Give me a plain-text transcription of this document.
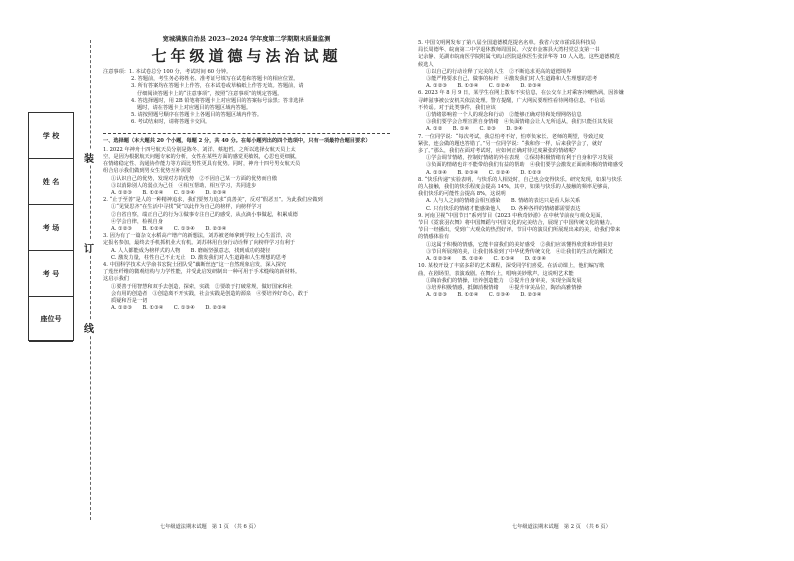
学 校
姓 名
考 场
考 号
座位号
装
订
线
宽城满族自治县 2023--2024 学年度第二学期期末质量监测
七年级道德与法治试题
注意事项：1. 本试卷总分 100 分，考试时间 60 分钟。
2. 答题前，考生务必将姓名、准考证号填写在试卷和答题卡的相应位置。
3. 所有答案均在答题卡上作答，在本试卷或草稿纸上作答无效。答题前，请
仔细阅读答题卡上的“注意事项”，按照“注意事项”的规定答题。
4. 答选择题时，用 2B 铅笔将答题卡上对应题目的答案标号涂黑；答非选择
题时，请在答题卡上对应题目的答题区域内答题。
5. 请按照题号顺序在答题卡上各题目的答题区域内作答。
6. 考试结束时，请将答题卡交回。
一、选择题（本大题共 20 个小题，每题 2 分，共 40 分。在每小题列出的四个选项中，只有一项最符合题目要求）
1. 2022 年神舟十四号航天员分别是陈冬、刘洋、蔡旭哲。之所以选择女航天员上太
空，是因为根据航天问题专家的分析，女性在某些方面的感觉更敏锐，心思也更细腻，
在情绪稳定性、沟通协作能力等方面比男性更具有优势。同时，神舟十四号男女航天员
组合启示我们做到男女生优势互补需要
①认识自己的优势，发现对方的优势　②不因自己某一方面的优势而自傲
③以消除别人的弱点为己任　④相互帮助，相互学习，共同进步
A. ①②③　　B. ①②④　　C. ①③④　　D. ②③④
2. “止于至善”是人的一种精神追求，我们要努力追求“真善美”，反对“假恶丑”。为此我们应做到
①“见贤思齐”在生活中寻找“贤”以此作为自己的榜样，向榜样学习
②自省自察，端正自己的行为③做事专注自己的感受，从点滴小事做起，积累成德
④学会自律，检视自身
A. ①②③　　B. ①②④　　C. ①③④　　D. ②③④
3. 因为有了一篇杂文水稻高产增产的新想法，刘苏被老师拿到学校上心生雷洋，决
定报名参加，最终去手机抓机业大有机。刘苏林用自身行动诠释了向榜样学习有利于
A. 人人都能成为榜样式的人物　　B. 磨砺坚强意志，找到成功的捷径
C. 激发力量，柱性自己不止无止　D. 激发我们对人生道路和人生理想的思考
4. 中国科学技术大学俞书宏院士团队受“藕断丝连”这一自然现象启发，深入探究
了莲丝纤维的微观结构与力学性能，并受此启发研制出一种可用于手术缝线的新材料。
这启示我们
①要善于用智慧和双手去创造，探索，实践　②要敢于打破常规，做好国家和社
会有用的创造者　③创造离不开实践，社会实践是创造的源泉　④要培养好奇心，敢于
质疑和吾是一切
A. ①②③　　B. ①③④　　C. ①③④　　D. ②③④
七年级道法期末试题　第 1 页　（共 6 页）
5. 中国文明网发布了第八届全国道德模范提名名单。我省六安市霍邱县科技局
局长周德华、皖南第二中学退休教师周国民、六安市金寨县大湾村党总支第一书
记余静、芜湖市皖南医学院附属弋矶山医院退休医生张泽华等 10 人入选。这些道德模范
候选人
①以自己的行动诠释了完美的人生　②不断追求更高的道德境界
③能严格要求自己，做事的标杆　④激发我们对人生道路和人生理想的思考
A. ①②③　　B. ①③④　　C. ①②④　　D. ②③④
6. 2023 年 8 月 9 日，某学生在网上散布不实信息，在公交车上对乘客冷嘲热讽，因涉嫌
寻衅滋事被公安机关依法处理。警方提醒，广大网民要理性看待网络信息，不信谣
不传谣。对于此类事件，我们应该
①情绪影响着一个人的观念和行动　②能够正确对待和处理网络信息
③我们要学会合理宣泄自身情绪　④负面情绪会让人无所适从，我们只能任其发展
A. ①②　　B. ①④　　C. ②③　　D. ③④
7. 一位同学说：“每次考试，我总怕考不好，怕辜负家长、老师的期望，导致过度
紧张，连会做的题也答错了。”另一位同学说：“我和你一样，后来我学会了，就好
多了。”那么，我们在面对考试时，应如何正确对待过度紧张的情绪呢？
①学会调节情绪，控制好情绪的外在表现　②保持积极情绪有利于自身和学习发展
③负面的情绪也许不能带给我们有益的帮助　④我们要学会激发正面而积极的情绪感受
A. ①③④　　B. ②③④　　C. ①②④　　D. ①②③
8. “快乐传递”实验表明，与快乐的人相处时，自己也会变得快乐。研究发现，如果与快乐
的人接触，我们的快乐程度会提高 14%，其中，如果与快乐的人接触的频率足够高，
我们快乐的可能性会提高 8%，这说明
A. 人与人之间的情绪会相互感染　　B. 情绪的表达只是看人际关系
C. 只有快乐的情绪才能感染他人　　D. 各种各样的情绪都需要表达
9. 河南卫视“中国节日”系列节目《2023 中秋奇妙游》在中秋节前夜与观众见面，
节目《霓裳羽衣舞》将中国舞蹈与中国文化的完美结合，展现了中国传统文化的魅力。
节目一经播出，受到广大观众的热烈好评。节目中的演员们所展现出来的美，给我们带来
的情感体验有
①这属于积极的情感，它能丰富我们的美好感受　②我们应该懂得欣赏和珍惜美好
③节目所展现的美，让我们体验到了中华优秀传统文化　④让我们的生活充满阳光
A. ①②③④　　B. ①②④　　C. ①③④　　D. ②③④
10. 某校开设了丰富多彩的艺术课程，深受同学们喜爱。在活动课上，他们编写歌
曲，在剧场里，表演戏剧。在舞台上，唱响美妙歌声。这说明艺术能
①陶冶我们的情操，培养创造能力　②提升自身审美，实现全面发展
③培养积极情感，抵御消极情绪　　④提升审美品位，陶冶高雅情操
A. ①②③　　B. ①②④　　C. ①③④　　D. ②③④
七年级道法期末试题　第 2 页　（共 6 页）
